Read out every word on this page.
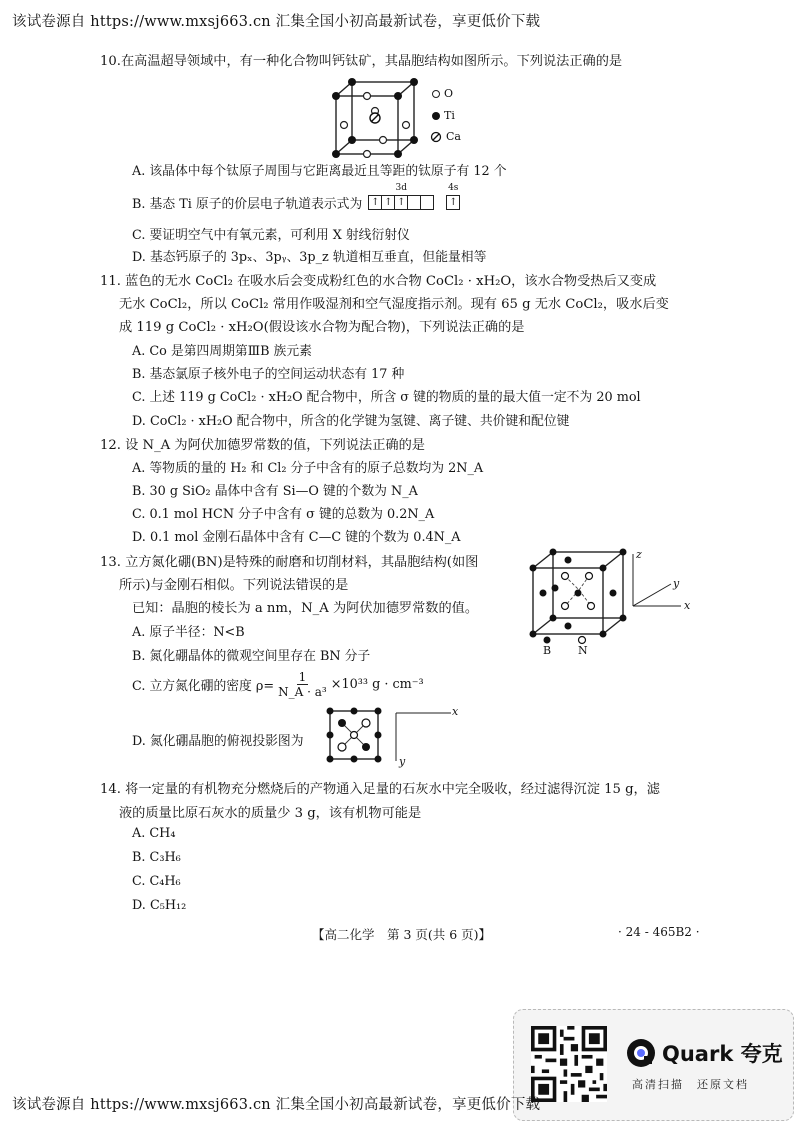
该试卷源自 https://www.mxsj663.cn 汇集全国小初高最新试卷，享更低价下载
10.在高温超导领域中，有一种化合物叫钙钛矿，其晶胞结构如图所示。下列说法正确的是
O
Ti
Ca
A. 该晶体中每个钛原子周围与它距离最近且等距的钛原子有 12 个
B. 基态 Ti 原子的价层电子轨道表示式为
3d
↑ ↑ ↑
4s
↑
C. 要证明空气中有氧元素，可利用 X 射线衍射仪
D. 基态钙原子的 3pₓ、3pᵧ、3p_z 轨道相互垂直，但能量相等
11. 蓝色的无水 CoCl₂ 在吸水后会变成粉红色的水合物 CoCl₂ · xH₂O，该水合物受热后又变成
无水 CoCl₂，所以 CoCl₂ 常用作吸湿剂和空气湿度指示剂。现有 65 g 无水 CoCl₂，吸水后变
成 119 g CoCl₂ · xH₂O(假设该水合物为配合物)，下列说法正确的是
A. Co 是第四周期第ⅢB 族元素
B. 基态氯原子核外电子的空间运动状态有 17 种
C. 上述 119 g CoCl₂ · xH₂O 配合物中，所含 σ 键的物质的量的最大值一定不为 20 mol
D. CoCl₂ · xH₂O 配合物中，所含的化学键为氢键、离子键、共价键和配位键
12. 设 N_A 为阿伏加德罗常数的值，下列说法正确的是
A. 等物质的量的 H₂ 和 Cl₂ 分子中含有的原子总数均为 2N_A
B. 30 g SiO₂ 晶体中含有 Si—O 键的个数为 N_A
C. 0.1 mol HCN 分子中含有 σ 键的总数为 0.2N_A
D. 0.1 mol 金刚石晶体中含有 C—C 键的个数为 0.4N_A
13. 立方氮化硼(BN)是特殊的耐磨和切削材料，其晶胞结构(如图
所示)与金刚石相似。下列说法错误的是
已知：晶胞的棱长为 a nm，N_A 为阿伏加德罗常数的值。
A. 原子半径：N<B
B. 氮化硼晶体的微观空间里存在 BN 分子
C. 立方氮化硼的密度 $\rho= \frac{1}{\text{N\_A · a³}} \times 10^{33}$ g · cm⁻³
D. 氮化硼晶胞的俯视投影图为
B N
z
y
x
x
y
14. 将一定量的有机物充分燃烧后的产物通入足量的石灰水中完全吸收，经过滤得沉淀 15 g，滤
液的质量比原石灰水的质量少 3 g，该有机物可能是
A. CH₄
B. C₃H₆
C. C₄H₆
D. C₅H₁₂
【高二化学　第 3 页(共 6 页)】	· 24 - 465B2 ·
Quark 夸克
高清扫描　还原文档
该试卷源自 https://www.mxsj663.cn 汇集全国小初高最新试卷，享更低价下载
